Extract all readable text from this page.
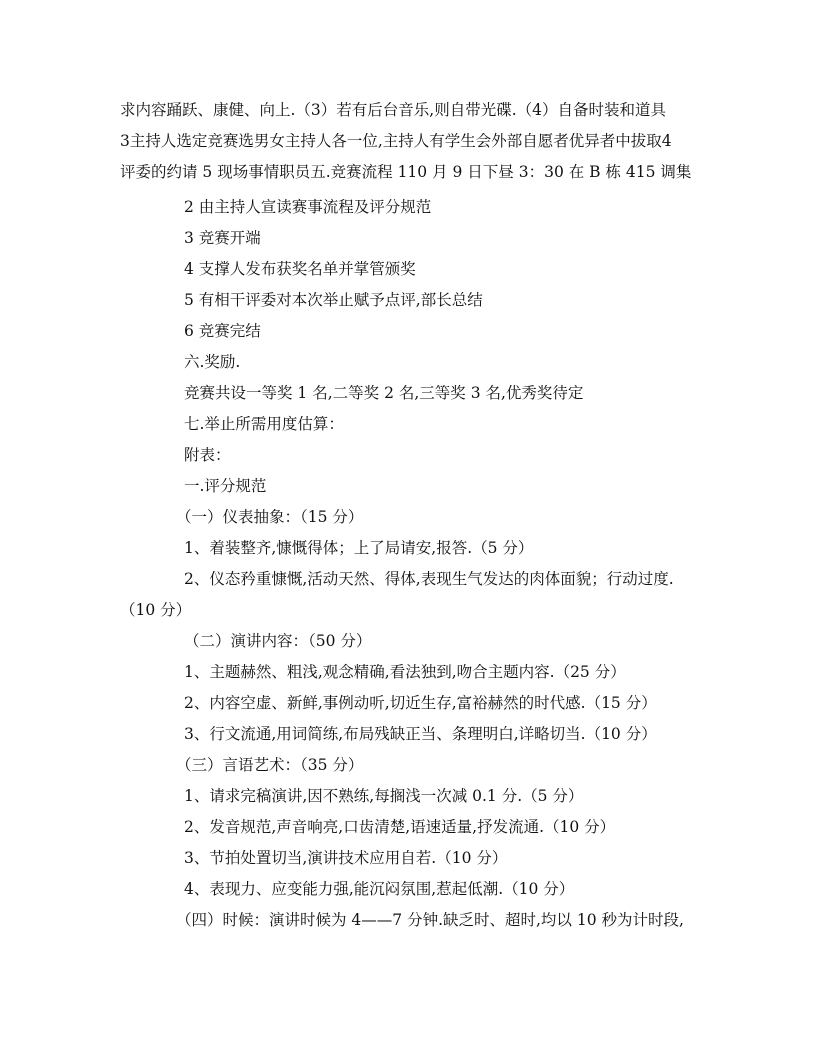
求内容踊跃、康健、向上.（3）若有后台音乐,则自带光碟.（4）自备时装和道具
3主持人选定竞赛选男女主持人各一位,主持人有学生会外部自愿者优异者中拔取4
评委的约请 5 现场事情职员五.竞赛流程 110 月 9 日下昼 3：30 在 B 栋 415 调集
2 由主持人宣读赛事流程及评分规范
3 竞赛开端
4 支撑人发布获奖名单并掌管颁奖
5 有相干评委对本次举止赋予点评,部长总结
6 竞赛完结
六.奖励.
竞赛共设一等奖 1 名,二等奖 2 名,三等奖 3 名,优秀奖待定
七.举止所需用度估算：
附表：
一.评分规范
（一）仪表抽象：（15 分）
1、着装整齐,慷慨得体；上了局请安,报答.（5 分）
2、仪态矜重慷慨,活动天然、得体,表现生气发达的肉体面貌；行动过度.
（10 分）
（二）演讲内容：（50 分）
1、主题赫然、粗浅,观念精确,看法独到,吻合主题内容.（25 分）
2、内容空虚、新鲜,事例动听,切近生存,富裕赫然的时代感.（15 分）
3、行文流通,用词简练,布局残缺正当、条理明白,详略切当.（10 分）
（三）言语艺术：（35 分）
1、请求完稿演讲,因不熟练,每搁浅一次减 0.1 分.（5 分）
2、发音规范,声音响亮,口齿清楚,语速适量,抒发流通.（10 分）
3、节拍处置切当,演讲技术应用自若.（10 分）
4、表现力、应变能力强,能沉闷氛围,惹起低潮.（10 分）
（四）时候：演讲时候为 4——7 分钟.缺乏时、超时,均以 10 秒为计时段,
